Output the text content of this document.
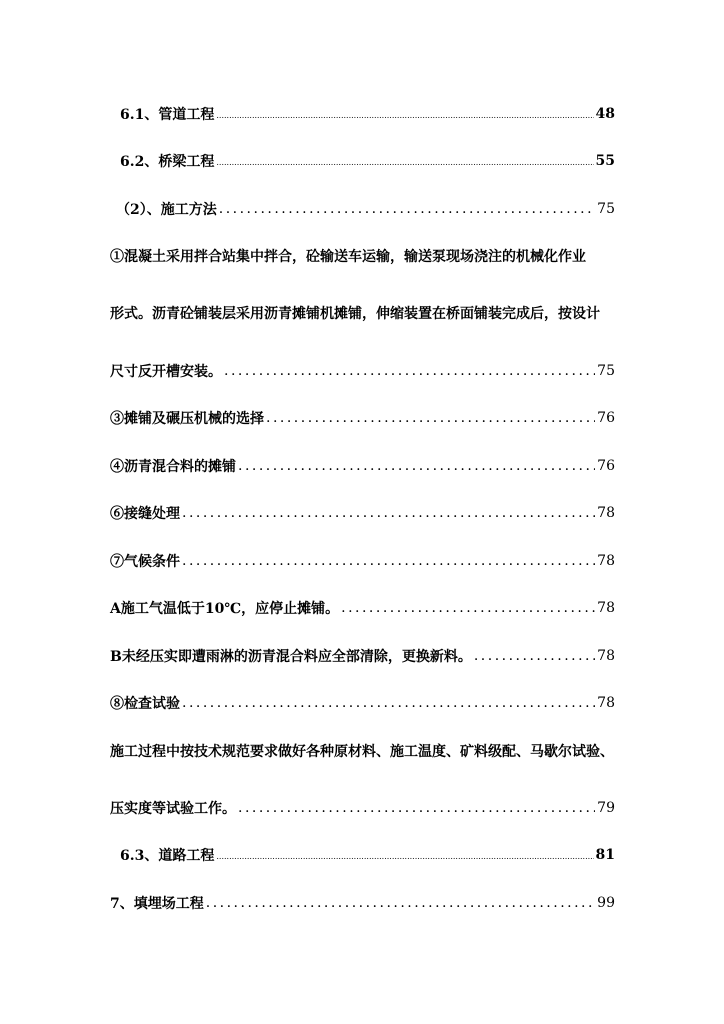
6.1、管道工程 .....	48
6.2、桥梁工程 .....	55
（2）、施工方法 .....	75
①混凝土采用拌合站集中拌合，砼输送车运输，输送泵现场浇注的机械化作业
形式。沥青砼铺装层采用沥青摊铺机摊铺，伸缩装置在桥面铺装完成后，按设计
尺寸反开槽安装。 .....	75
③摊铺及碾压机械的选择 .....	76
④沥青混合料的摊铺 .....	76
⑥接缝处理 .....	78
⑦气候条件 .....	78
A施工气温低于10℃，应停止摊铺。 .....	78
B未经压实即遭雨淋的沥青混合料应全部清除，更换新料。 .....	78
⑧检查试验 .....	78
施工过程中按技术规范要求做好各种原材料、施工温度、矿料级配、马歇尔试验、
压实度等试验工作。 .....	79
6.3、道路工程 .....	81
7、填埋场工程 .....	99
